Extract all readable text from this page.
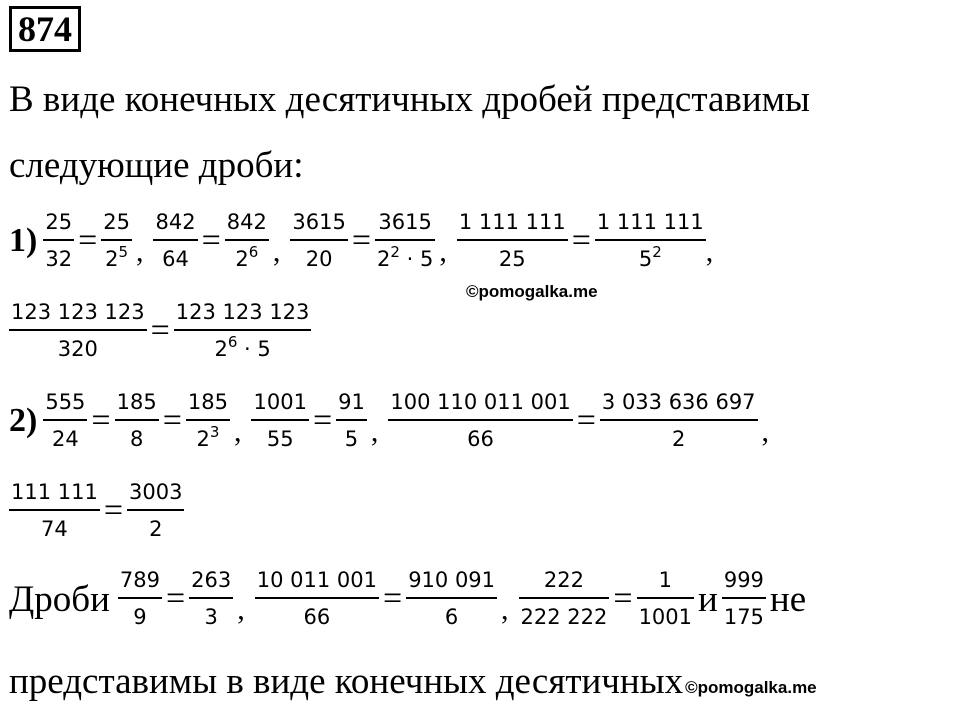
874
В виде конечных десятичных дробей представимы
следующие дроби:
$1) \frac{25}{32} = \frac{25}{2^5}$ , $\frac{842}{64} = \frac{842}{2^6}$ , $\frac{3615}{20} = \frac{3615}{2^2 \cdot 5}$ , $\frac{1 111 111}{25} = \frac{1 111 111}{5^2}$ ,
©pomogalka.me
$\frac{123 123 123}{320} = \frac{123 123 123}{2^6 \cdot 5}$
$2) \frac{555}{24} = \frac{185}{8} = \frac{185}{2^3}$ , $\frac{1001}{55} = \frac{91}{5}$ , $\frac{100 110 011 001}{66} = \frac{3 033 636 697}{2}$ ,
$\frac{111 111}{74} = \frac{3003}{2}$
Дроби $\frac{789}{9} = \frac{263}{3}$ , $\frac{10 011 001}{66} = \frac{910 091}{6}$ , $\frac{222}{222 222} = \frac{1}{1001}$ и $\frac{999}{175}$ не
представимы в виде конечных десятичных ©pomogalka.me
